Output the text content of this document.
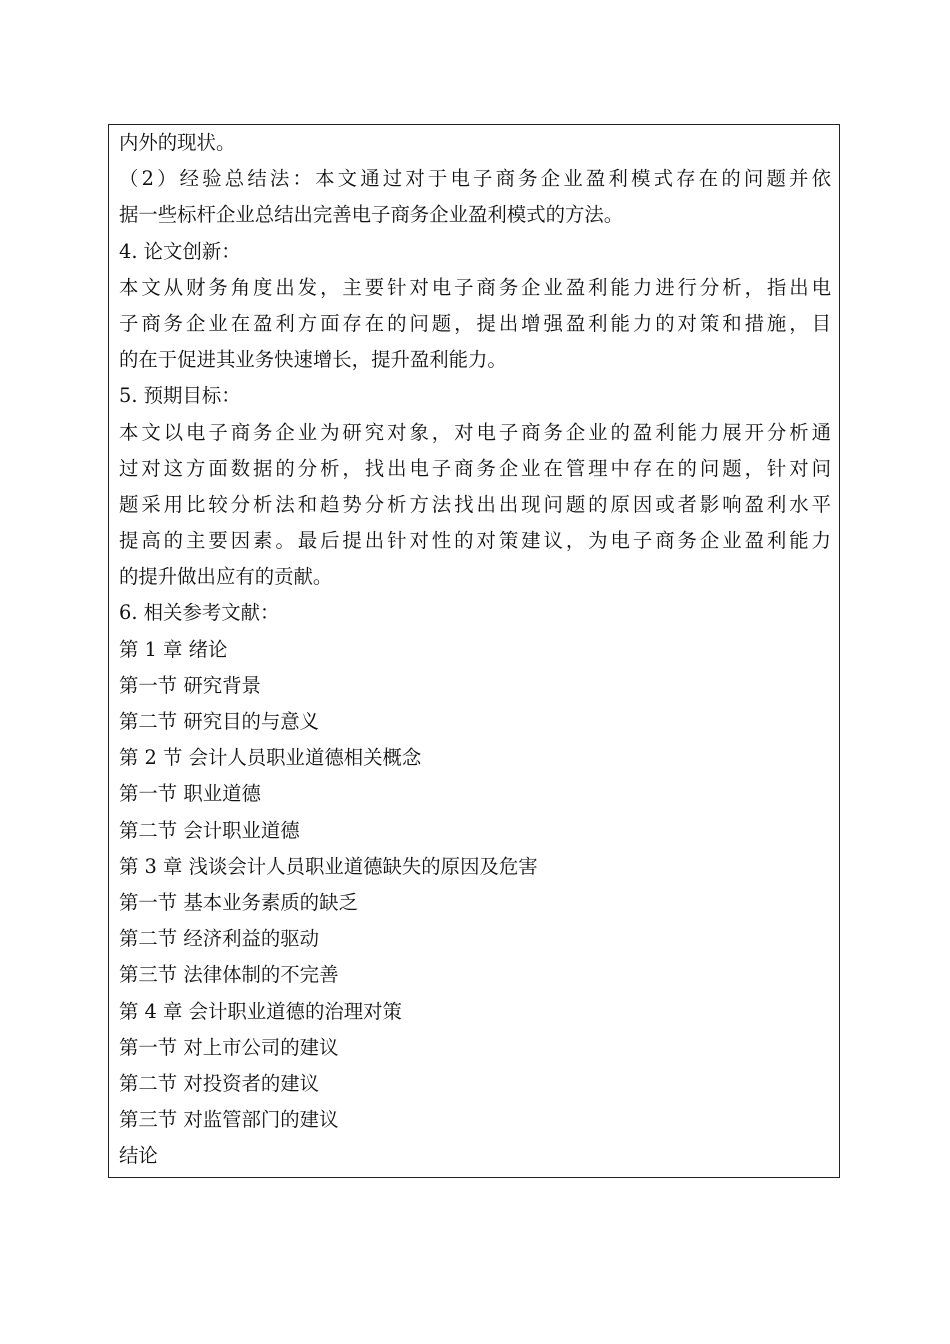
内外的现状。
（2）经验总结法：本文通过对于电子商务企业盈利模式存在的问题并依
据一些标杆企业总结出完善电子商务企业盈利模式的方法。
4. 论文创新：
本文从财务角度出发，主要针对电子商务企业盈利能力进行分析，指出电
子商务企业在盈利方面存在的问题，提出增强盈利能力的对策和措施，目
的在于促进其业务快速增长，提升盈利能力。
5. 预期目标：
本文以电子商务企业为研究对象，对电子商务企业的盈利能力展开分析通
过对这方面数据的分析，找出电子商务企业在管理中存在的问题，针对问
题采用比较分析法和趋势分析方法找出出现问题的原因或者影响盈利水平
提高的主要因素。最后提出针对性的对策建议，为电子商务企业盈利能力
的提升做出应有的贡献。
6. 相关参考文献：
第 1 章 绪论
第一节 研究背景
第二节 研究目的与意义
第 2 节 会计人员职业道德相关概念
第一节 职业道德
第二节 会计职业道德
第 3 章 浅谈会计人员职业道德缺失的原因及危害
第一节 基本业务素质的缺乏
第二节 经济利益的驱动
第三节 法律体制的不完善
第 4 章 会计职业道德的治理对策
第一节 对上市公司的建议
第二节 对投资者的建议
第三节 对监管部门的建议
结论
